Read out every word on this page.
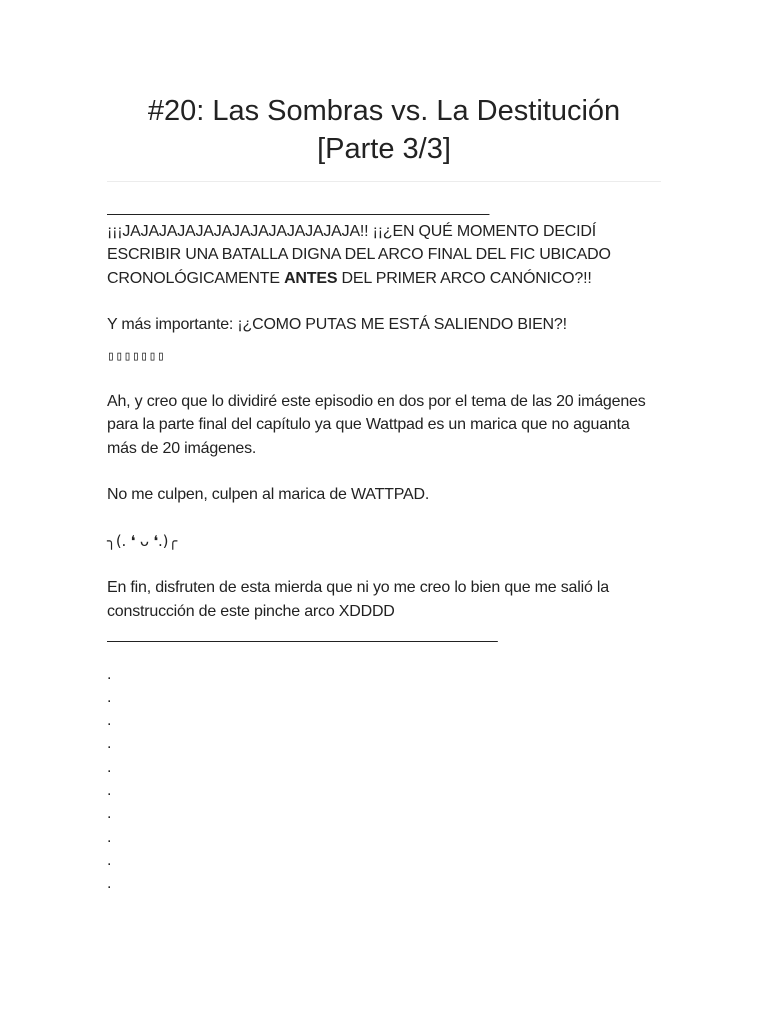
#20: Las Sombras vs. La Destitución [Parte 3/3]

______________________________________________

¡¡¡JAJAJAJAJAJAJAJAJAJAJAJAJA!! ¡¡¿EN QUÉ MOMENTO DECIDÍ ESCRIBIR UNA BATALLA DIGNA DEL ARCO FINAL DEL FIC UBICADO CRONOLÓGICAMENTE ANTES DEL PRIMER ARCO CANÓNICO?!!

Y más importante: ¡¿COMO PUTAS ME ESTÁ SALIENDO BIEN?!

▯▯▯▯▯▯▯

Ah, y creo que lo dividiré este episodio en dos por el tema de las 20 imágenes para la parte final del capítulo ya que Wattpad es un marica que no aguanta más de 20 imágenes.

No me culpen, culpen al marica de WATTPAD.

╮(. ❛ ᴗ ❛.)╭

En fin, disfruten de esta mierda que ni yo me creo lo bien que me salió la construcción de este pinche arco XDDDD

_______________________________________________

.

.

.

.

.

.

.

.

.

.
